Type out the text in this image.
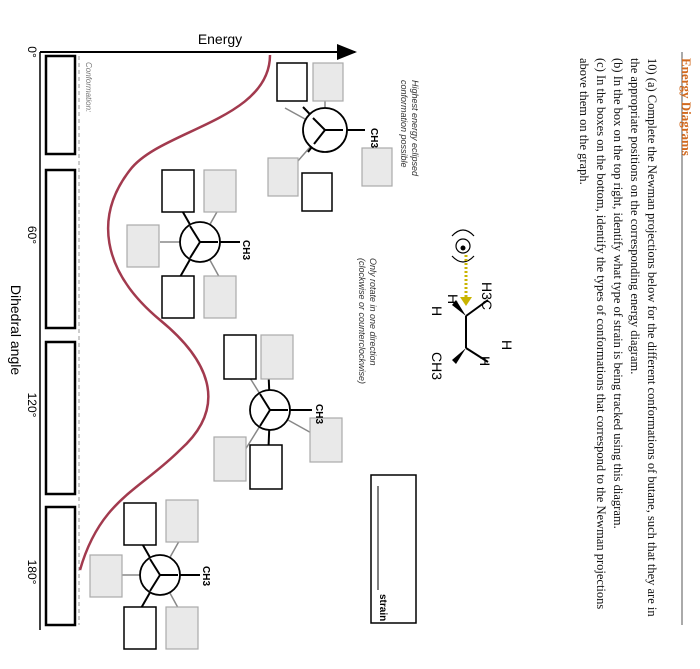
0°
60°
120°
180°
Energy
Dihedral angle
Conformation:	Highest energy eclipsed conformation possible
Only rotate in one direction (clockwise or counterclockwise)
strain
CH3
CH3
CH3
CH3
H3C
H
H
H
H
CH3
Energy Diagrams
10) (a) Complete the Newman projections below for the different conformations of butane, such that they are in the appropriate positions on the corresponding energy diagram.
(b) In the box on the top right, identify what type of strain is being tracked using this diagram.
(c) In the boxes on the bottom, identify the types of conformations that correspond to the Newman projections above them on the graph.
